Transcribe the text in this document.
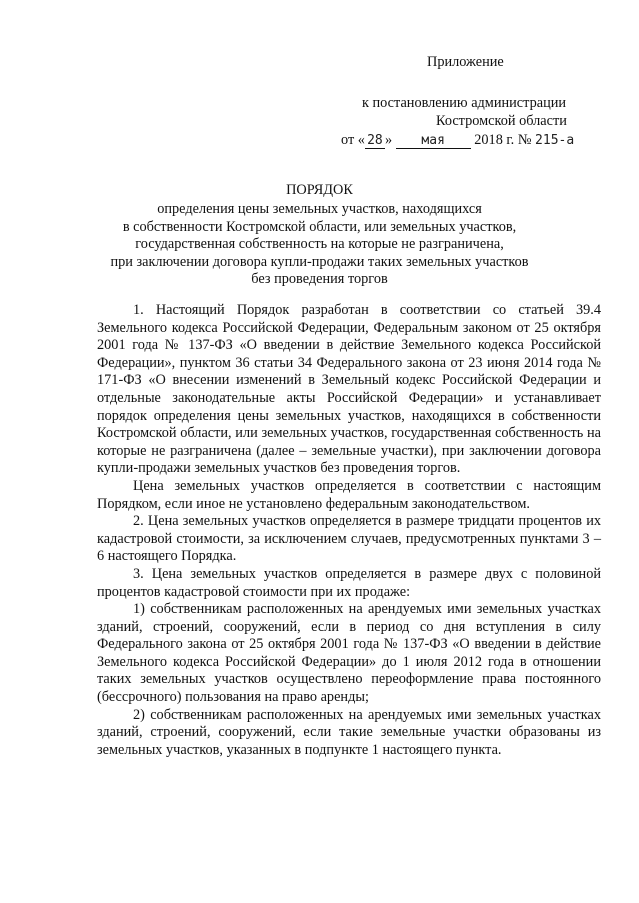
Приложение
к постановлению администрации
Костромской области
от « 28 » мая 2018 г. № 215-а
ПОРЯДОК
определения цены земельных участков, находящихся
в собственности Костромской области, или земельных участков,
государственная собственность на которые не разграничена,
при заключении договора купли-продажи таких земельных участков
без проведения торгов

1. Настоящий Порядок разработан в соответствии со статьей 39.4 Земельного кодекса Российской Федерации, Федеральным законом от 25 октября 2001 года № 137-ФЗ «О введении в действие Земельного кодекса Российской Федерации», пунктом 36 статьи 34 Федерального закона от 23 июня 2014 года № 171-ФЗ «О внесении изменений в Земельный кодекс Российской Федерации и отдельные законодательные акты Российской Федерации» и устанавливает порядок определения цены земельных участков, находящихся в собственности Костромской области, или земельных участков, государственная собственность на которые не разграничена (далее – земельные участки), при заключении договора купли-продажи земельных участков без проведения торгов.

Цена земельных участков определяется в соответствии с настоящим Порядком, если иное не установлено федеральным законодательством.

2. Цена земельных участков определяется в размере тридцати процентов их кадастровой стоимости, за исключением случаев, предусмотренных пунктами 3 – 6 настоящего Порядка.

3. Цена земельных участков определяется в размере двух с половиной процентов кадастровой стоимости при их продаже:

1) собственникам расположенных на арендуемых ими земельных участках зданий, строений, сооружений, если в период со дня вступления в силу Федерального закона от 25 октября 2001 года № 137-ФЗ «О введении в действие Земельного кодекса Российской Федерации» до 1 июля 2012 года в отношении таких земельных участков осуществлено переоформление права постоянного (бессрочного) пользования на право аренды;

2) собственникам расположенных на арендуемых ими земельных участках зданий, строений, сооружений, если такие земельные участки образованы из земельных участков, указанных в подпункте 1 настоящего пункта.
